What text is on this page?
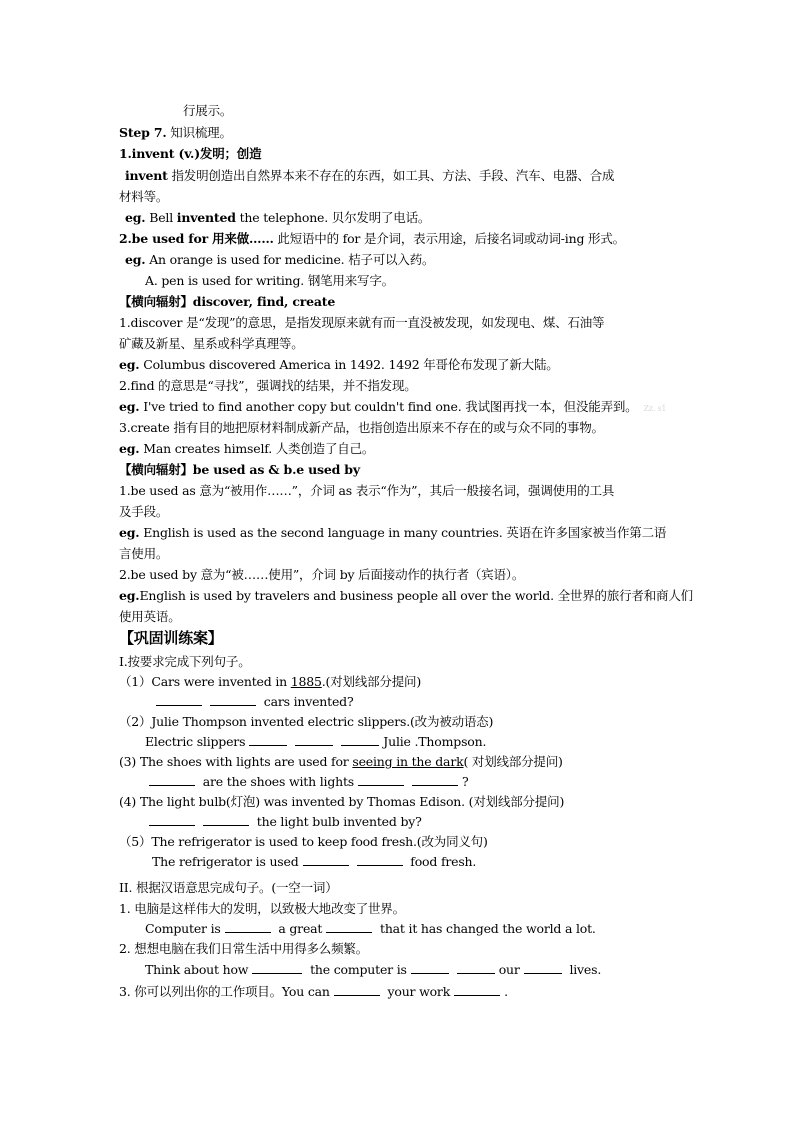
行展示。
Step 7. 知识梳理。
1.invent (v.)发明；创造
invent 指发明创造出自然界本来不存在的东西，如工具、方法、手段、汽车、电器、合成
材料等。
eg. Bell invented the telephone. 贝尔发明了电话。
2.be used for 用来做…… 此短语中的 for 是介词，表示用途，后接名词或动词-ing 形式。
eg. An orange is used for medicine. 桔子可以入药。
A. pen is used for writing. 钢笔用来写字。
【横向辐射】discover, find, create
1.discover 是“发现”的意思，是指发现原来就有而一直没被发现，如发现电、煤、石油等
矿藏及新星、星系或科学真理等。
eg. Columbus discovered America in 1492. 1492 年哥伦布发现了新大陆。
2.find 的意思是“寻找”，强调找的结果，并不指发现。
eg. I've tried to find another copy but couldn't find one. 我试图再找一本，但没能弄到。 Zz. s1
3.create 指有目的地把原材料制成新产品，也指创造出原来不存在的或与众不同的事物。
eg. Man creates himself. 人类创造了自己。
【横向辐射】be used as & b.e used by
1.be used as 意为“被用作……”，介词 as 表示“作为”，其后一般接名词，强调使用的工具
及手段。
eg. English is used as the second language in many countries. 英语在许多国家被当作第二语
言使用。
2.be used by 意为“被……使用”，介词 by 后面接动作的执行者（宾语）。
eg.English is used by travelers and business people all over the world. 全世界的旅行者和商人们
使用英语。
【巩固训练案】
I.按要求完成下列句子。
（1）Cars were invented in 1885.(对划线部分提问)
cars invented?
（2）Julie Thompson invented electric slippers.(改为被动语态)
Electric slippers	Julie .Thompson.
(3) The shoes with lights are used for seeing in the dark( 对划线部分提问)
are the shoes with lights	?
(4) The light bulb(灯泡) was invented by Thomas Edison. (对划线部分提问)
the light bulb invented by?
（5）The refrigerator is used to keep food fresh.(改为同义句)
The refrigerator is used	food fresh.
II. 根据汉语意思完成句子。(一空一词）
1. 电脑是这样伟大的发明，以致极大地改变了世界。
Computer is	a great	that it has changed the world a lot.
2. 想想电脑在我们日常生活中用得多么频繁。
Think about how	the computer is	our	lives.
3. 你可以列出你的工作项目。You can	your work	.
